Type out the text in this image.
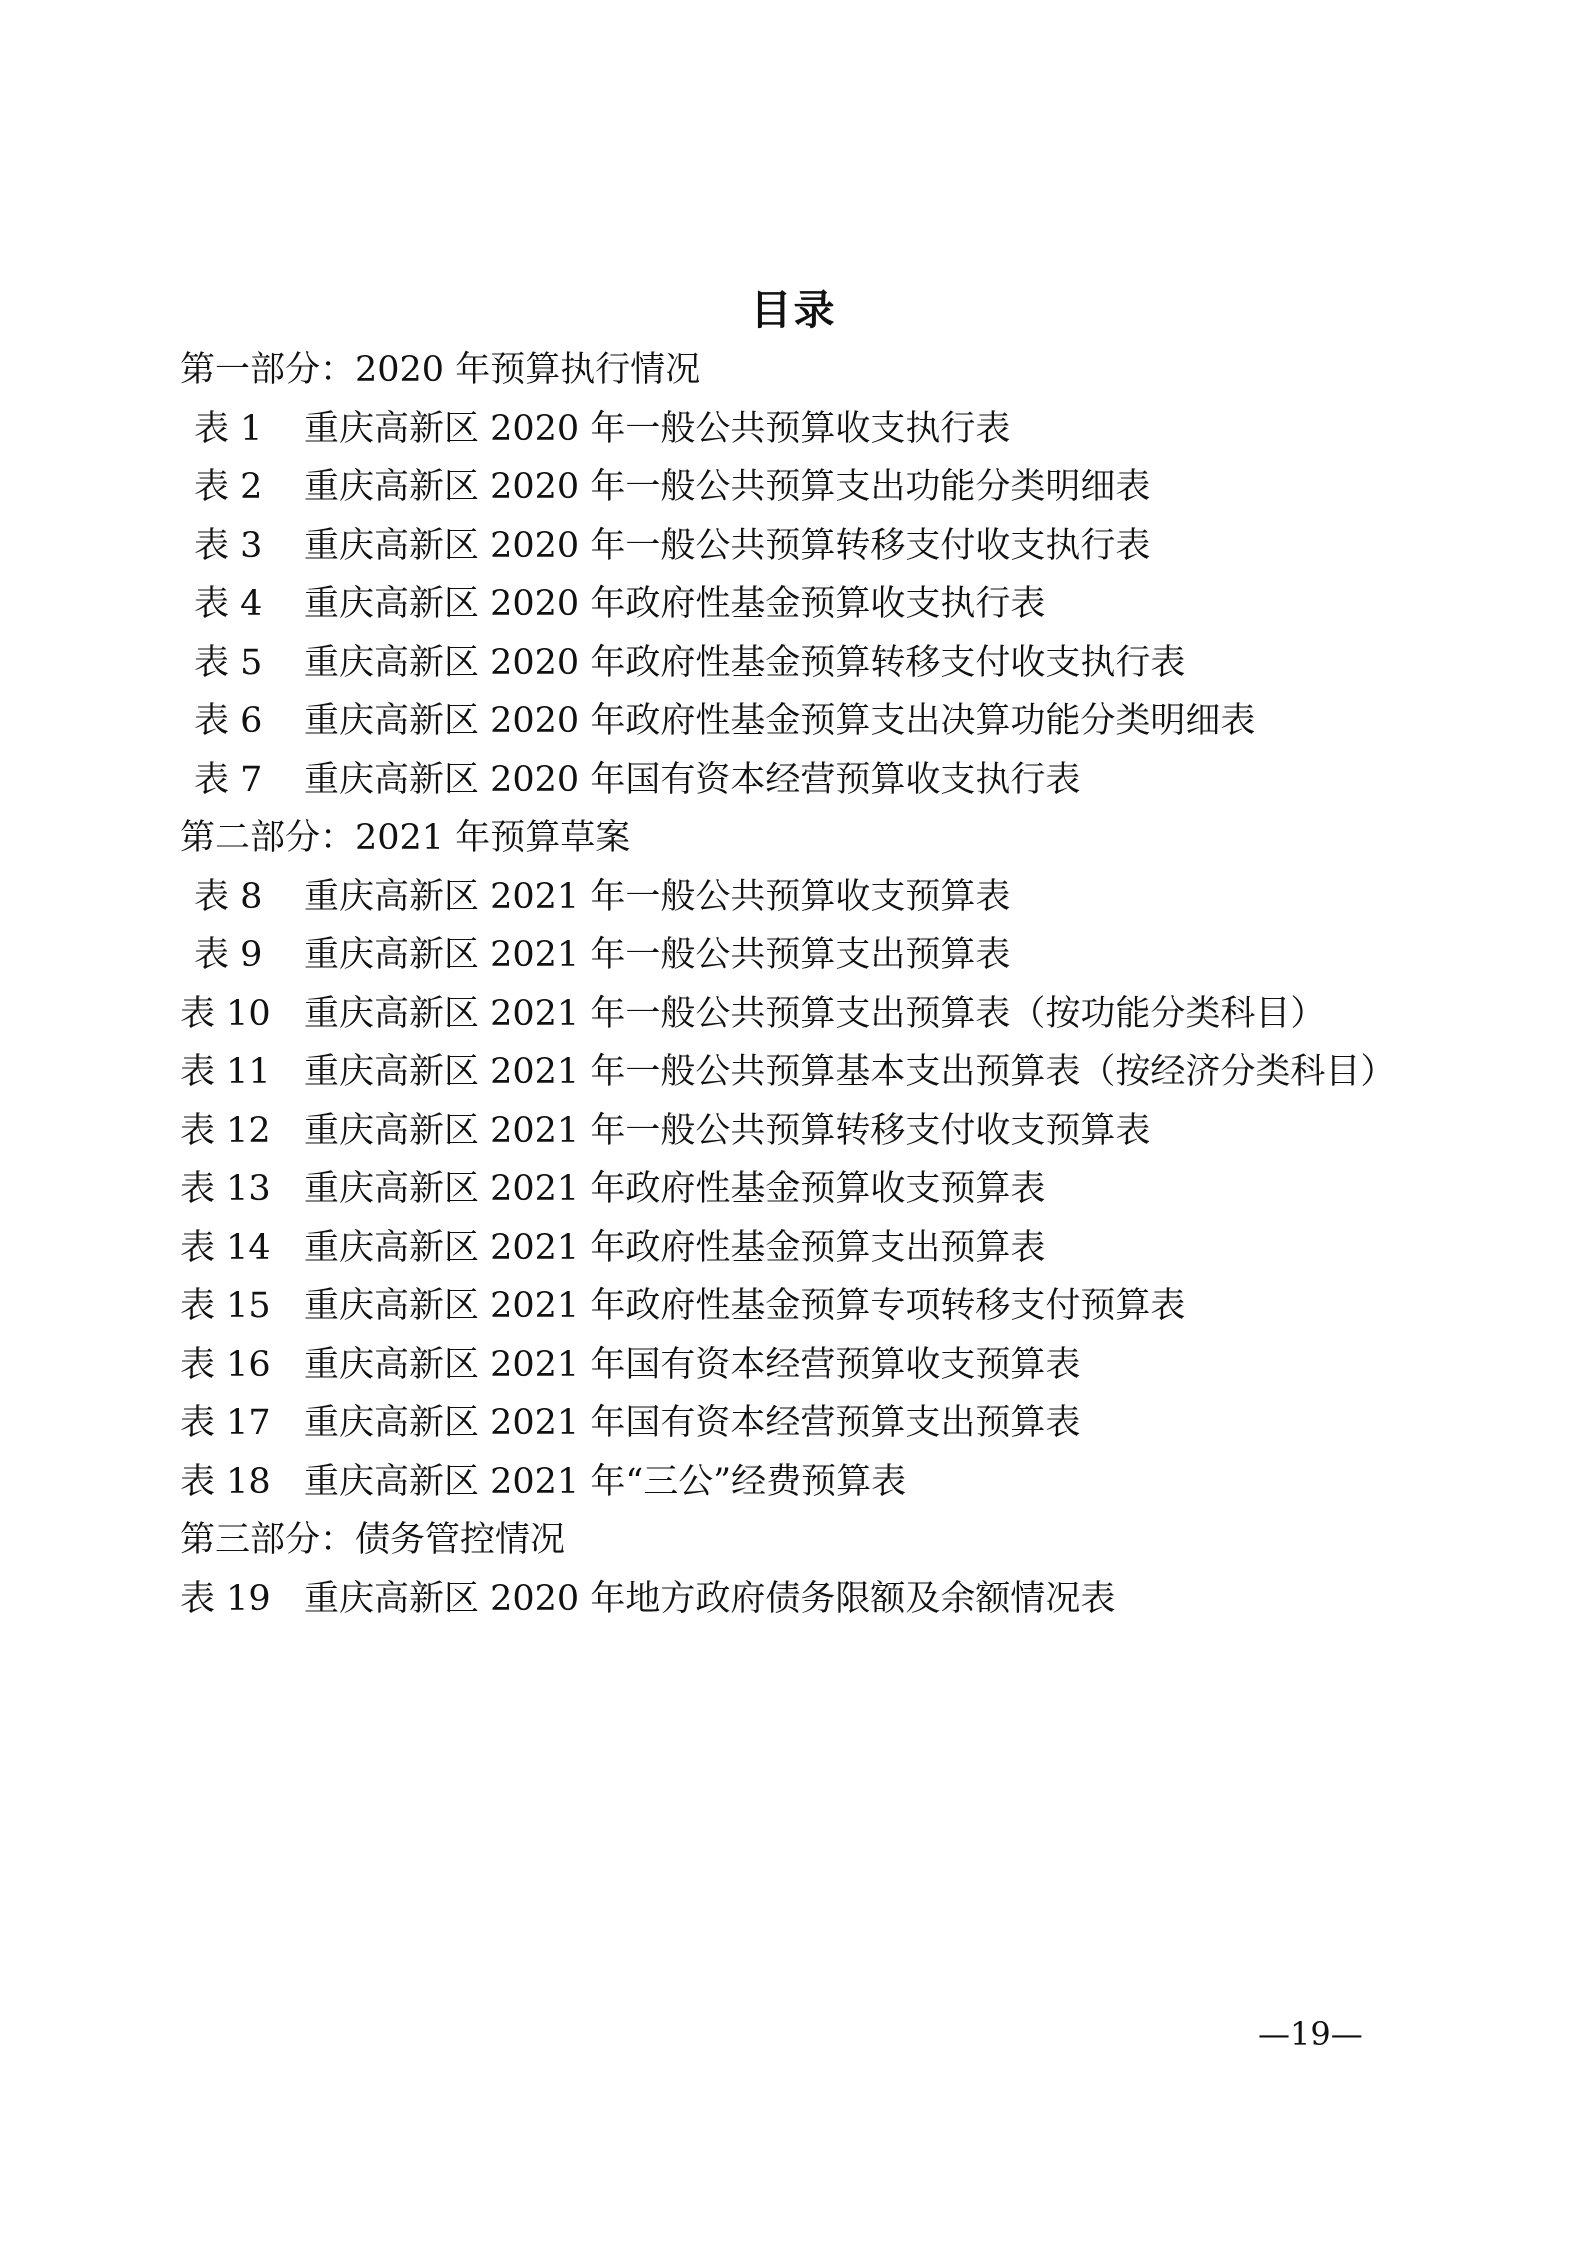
目录
第一部分：2020 年预算执行情况
表 1	重庆高新区 2020 年一般公共预算收支执行表
表 2	重庆高新区 2020 年一般公共预算支出功能分类明细表
表 3	重庆高新区 2020 年一般公共预算转移支付收支执行表
表 4	重庆高新区 2020 年政府性基金预算收支执行表
表 5	重庆高新区 2020 年政府性基金预算转移支付收支执行表
表 6	重庆高新区 2020 年政府性基金预算支出决算功能分类明细表
表 7	重庆高新区 2020 年国有资本经营预算收支执行表
第二部分：2021 年预算草案
表 8	重庆高新区 2021 年一般公共预算收支预算表
表 9	重庆高新区 2021 年一般公共预算支出预算表
表 10 重庆高新区 2021 年一般公共预算支出预算表（按功能分类科目）
表 11 重庆高新区 2021 年一般公共预算基本支出预算表（按经济分类科目）
表 12 重庆高新区 2021 年一般公共预算转移支付收支预算表
表 13 重庆高新区 2021 年政府性基金预算收支预算表
表 14 重庆高新区 2021 年政府性基金预算支出预算表
表 15 重庆高新区 2021 年政府性基金预算专项转移支付预算表
表 16 重庆高新区 2021 年国有资本经营预算收支预算表
表 17 重庆高新区 2021 年国有资本经营预算支出预算表
表 18 重庆高新区 2021 年“三公”经费预算表
第三部分：债务管控情况
表 19 重庆高新区 2020 年地方政府债务限额及余额情况表
—19—
